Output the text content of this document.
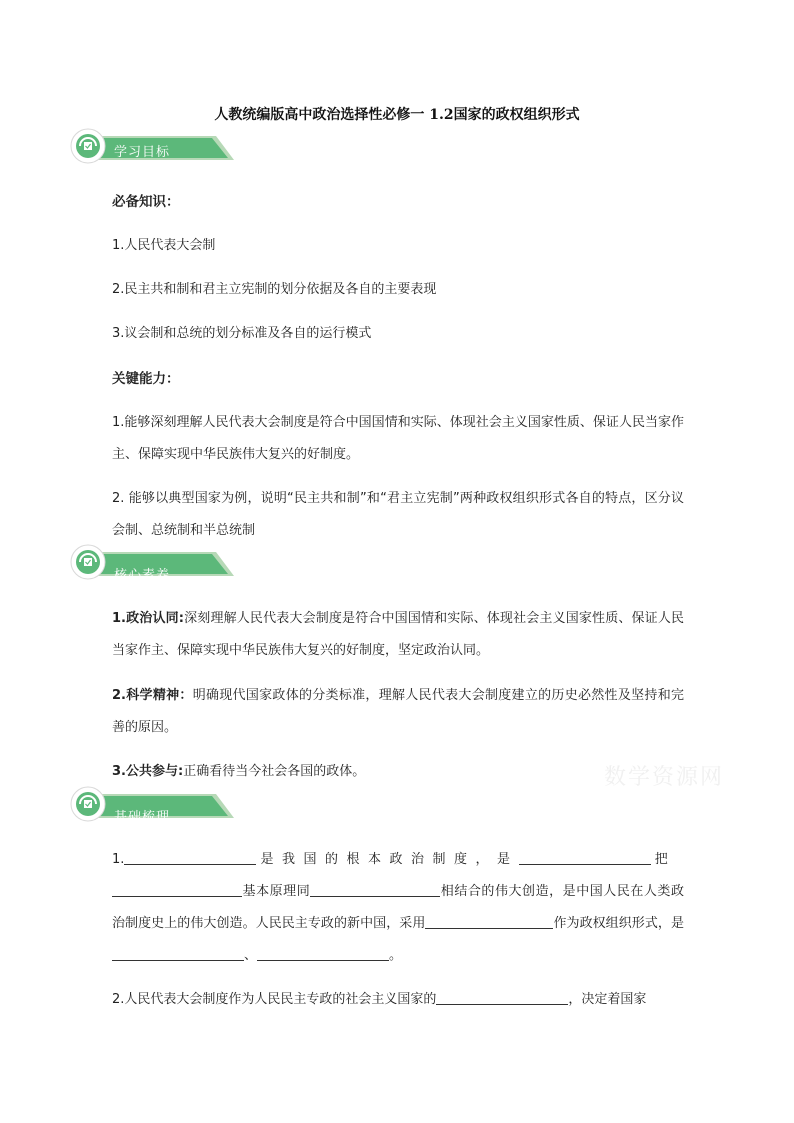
人教统编版高中政治选择性必修一 1.2国家的政权组织形式
学习目标
必备知识：
1.人民代表大会制
2.民主共和制和君主立宪制的划分依据及各自的主要表现
3.议会制和总统的划分标准及各自的运行模式
关键能力：
1.能够深刻理解人民代表大会制度是符合中国国情和实际、体现社会主义国家性质、保证人民当家作主、保障实现中华民族伟大复兴的好制度。
2. 能够以典型国家为例，说明“民主共和制”和“君主立宪制”两种政权组织形式各自的特点，区分议会制、总统制和半总统制
核心素养
1.政治认同:深刻理解人民代表大会制度是符合中国国情和实际、体现社会主义国家性质、保证人民当家作主、保障实现中华民族伟大复兴的好制度，坚定政治认同。
2.科学精神：明确现代国家政体的分类标准，理解人民代表大会制度建立的历史必然性及坚持和完善的原因。
3.公共参与:正确看待当今社会各国的政体。	数学资源网
基础梳理
1.	是我国的根本政治制度，是	把
基本原理同	相结合的伟大创造，是中国人民在人类政治制度史上的伟大创造。人民民主专政的新中国，采用	作为政权组织形式，是、	。
2.人民代表大会制度作为人民民主专政的社会主义国家的	，决定着国家
